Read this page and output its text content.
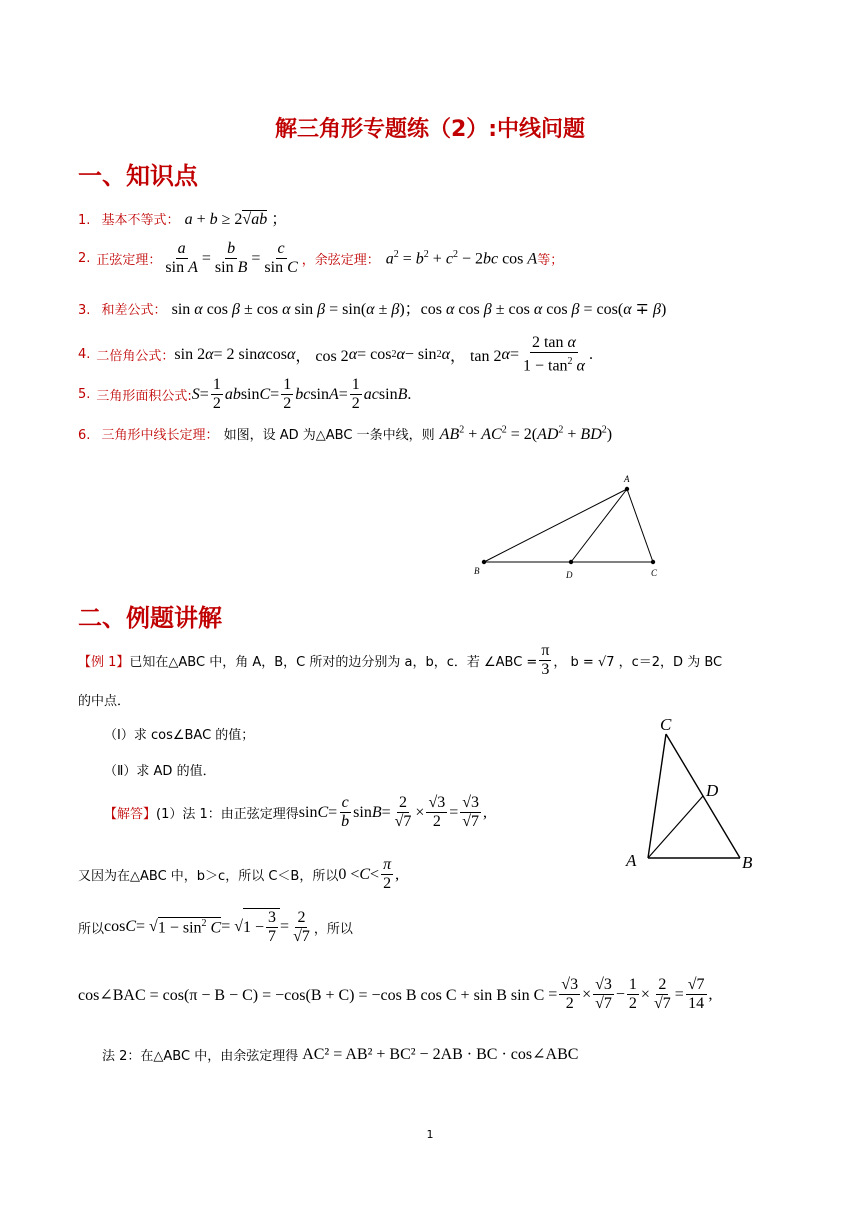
解三角形专题练（2）:中线问题
一、知识点
1. 基本不等式： a + b ≥ 2√ab ；
2. 正弦定理： $\frac{a}{\text{sin A}} = \frac{b}{\text{sin B}} = \frac{c}{\text{sin C}}$ ， 余弦定理： $a^2 = b^2 + c^2 - 2bc$ cos A 等；
3. 和差公式： sin α cos β ± cos α sin β = sin(α ± β)；cos α cos β ± cos α cos β = cos(α ∓ β)
4. 二倍角公式： sin 2 α = 2 sin α cos α ， cos 2 α = cos 2 α − sin 2 α ， tan 2 $\alpha = \frac{\text{2 tan α}}{1 - \tan^2 \alpha}$ .
5. 三角形面积公式: $S = \frac{1}{2}$ ab $\sin C = \frac{1}{2}$ bc $\sin A = \frac{1}{2}$ ac sin B .
6. 三角形中线长定理： 如图，设 AD 为△ABC 一条中线，则 $AB^2 + AC^2 = 2(AD^2 + BD^2)$
A
B	D	C
二、例题讲解
【例 1】 已知在△ABC 中，角 A，B，C 所对的边分别为 a，b，c．若 ∠ABC = $\frac{\pi}{3}$ ， b = √7 ，c＝2，D 为 BC
的中点．
（Ⅰ）求 cos∠BAC 的值；
（Ⅱ）求 AD 的值．
【解答】 (1）法 1：由正弦定理得 $\sin C = \frac{c}{b}$ $\sin B = \frac{2}{√7} \times \frac{√3}{2} = \frac{√3}{√7}$ ,
又因为在△ABC 中，b＞c，所以 C＜B，所以 $0 < C < \frac{\pi}{2}$ ,
所以 cos C = √ $1 - \sin^2 C$ = √ $1 - \frac{3}{7} = \frac{2}{√7}$ ，所以
cos∠BAC = cos(π − B − C) = −cos(B + C) = −cos B cos C + sin B $\sin C = \frac{√3}{2} \times \frac{√3}{√7} - \frac{1}{2} \times \frac{2}{√7} = \frac{√7}{14}$ ,
法 2：在△ABC 中，由余弦定理得 AC² = AB² + BC² − 2AB · BC · cos∠ABC
C
D
A	B
1
